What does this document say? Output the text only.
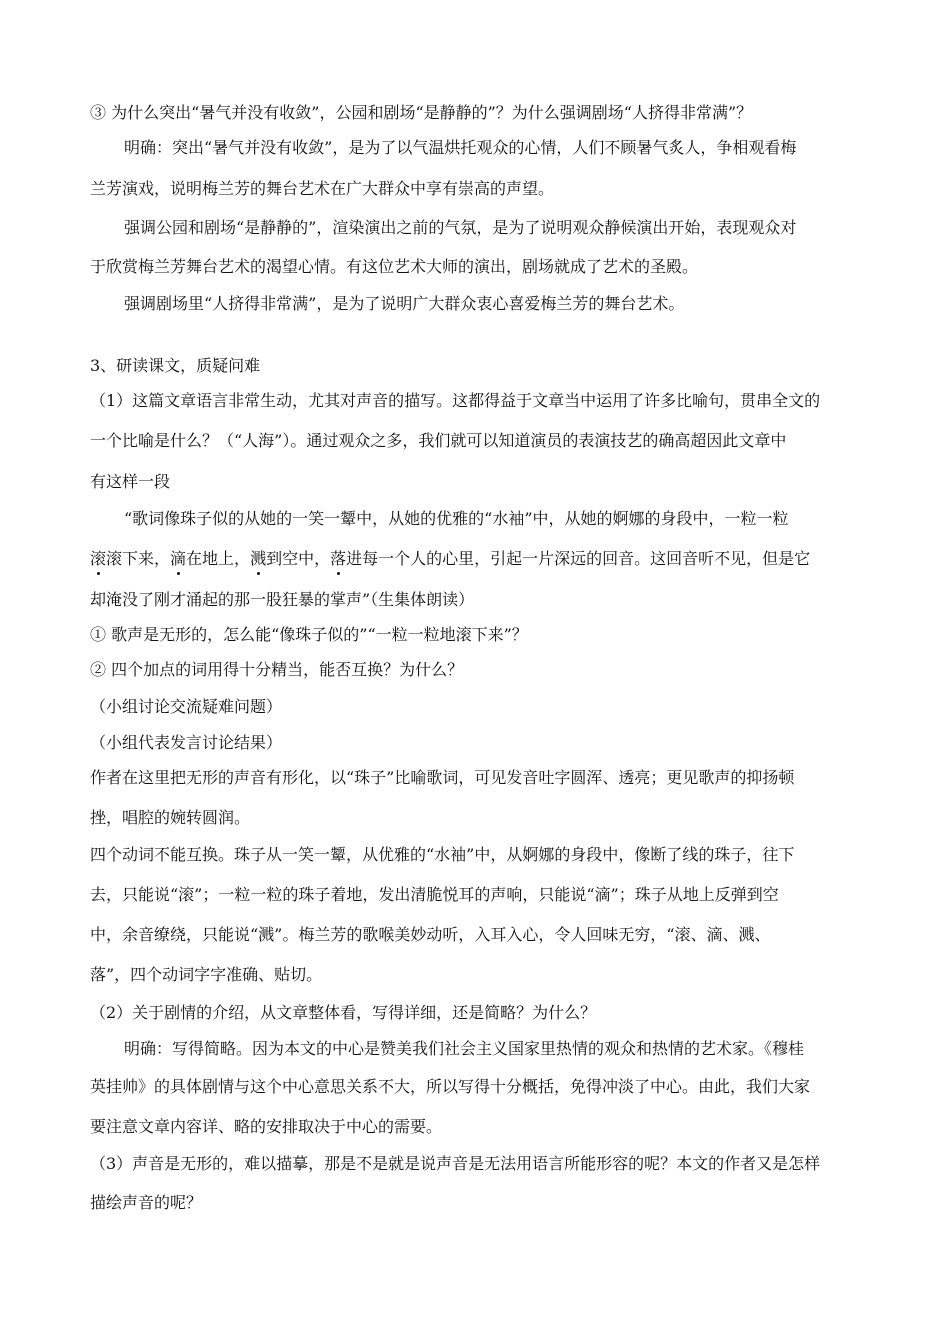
③ 为什么突出“暑气并没有收敛”，公园和剧场“是静静的”？为什么强调剧场“人挤得非常满”？
明确：突出“暑气并没有收敛”，是为了以气温烘托观众的心情，人们不顾暑气炙人，争相观看梅
兰芳演戏，说明梅兰芳的舞台艺术在广大群众中享有崇高的声望。
强调公园和剧场“是静静的”，渲染演出之前的气氛，是为了说明观众静候演出开始，表现观众对
于欣赏梅兰芳舞台艺术的渴望心情。有这位艺术大师的演出，剧场就成了艺术的圣殿。
强调剧场里“人挤得非常满”，是为了说明广大群众衷心喜爱梅兰芳的舞台艺术。
3、研读课文，质疑问难
（1）这篇文章语言非常生动，尤其对声音的描写。这都得益于文章当中运用了许多比喻句，贯串全文的
一个比喻是什么？（“人海”）。通过观众之多，我们就可以知道演员的表演技艺的确高超因此文章中
有这样一段
“歌词像珠子似的从她的一笑一颦中，从她的优雅的“水袖”中，从她的婀娜的身段中，一粒一粒
滚滚下来，滴在地上，溅到空中，落进每一个人的心里，引起一片深远的回音。这回音听不见，但是它
却淹没了刚才涌起的那一股狂暴的掌声”（生集体朗读）
① 歌声是无形的，怎么能“像珠子似的”“一粒一粒地滚下来”？
② 四个加点的词用得十分精当，能否互换？为什么？
（小组讨论交流疑难问题）
（小组代表发言讨论结果）
作者在这里把无形的声音有形化，以“珠子”比喻歌词，可见发音吐字圆浑、透亮；更见歌声的抑扬顿
挫，唱腔的婉转圆润。
四个动词不能互换。珠子从一笑一颦，从优雅的“水袖”中，从婀娜的身段中，像断了线的珠子，往下
去，只能说“滚”；一粒一粒的珠子着地，发出清脆悦耳的声响，只能说“滴”；珠子从地上反弹到空
中，余音缭绕，只能说“溅”。梅兰芳的歌喉美妙动听，入耳入心，令人回味无穷，“滚、滴、溅、
落”，四个动词字字准确、贴切。
（2）关于剧情的介绍，从文章整体看，写得详细，还是简略？为什么？
明确：写得简略。因为本文的中心是赞美我们社会主义国家里热情的观众和热情的艺术家。《穆桂
英挂帅》的具体剧情与这个中心意思关系不大，所以写得十分概括，免得冲淡了中心。由此，我们大家
要注意文章内容详、略的安排取决于中心的需要。
（3）声音是无形的，难以描摹，那是不是就是说声音是无法用语言所能形容的呢？本文的作者又是怎样
描绘声音的呢？
